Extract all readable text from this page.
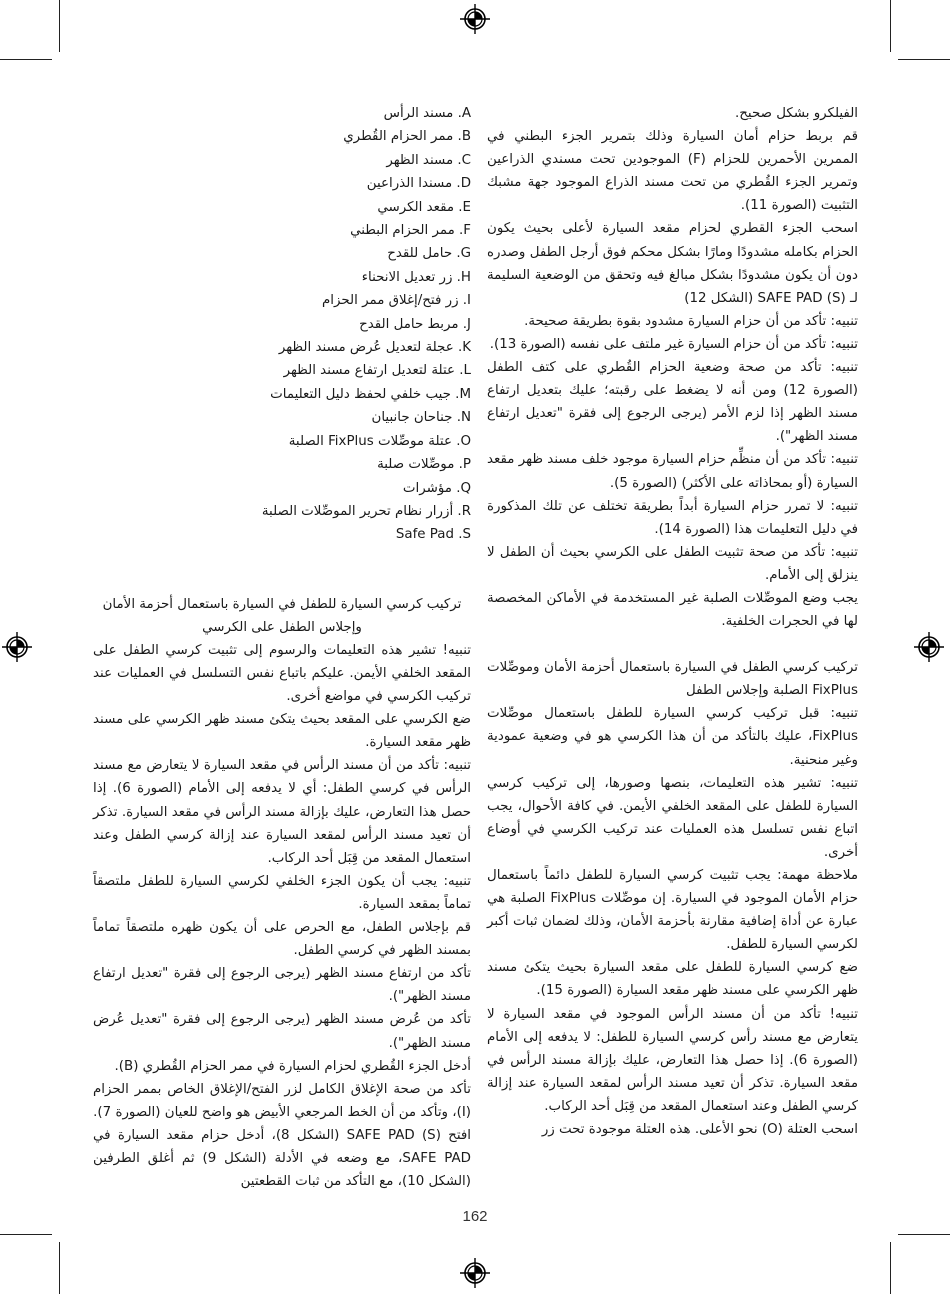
الفيلكرو بشكل صحيح.

قم بربط حزام أمان السيارة وذلك بتمرير الجزء البطني في الممرين الأحمرين للحزام (F) الموجودين تحت مسندي الذراعين وتمرير الجزء القُطري من تحت مسند الذراع الموجود جهة مشبك التثبيت (الصورة 11).

اسحب الجزء القطري لحزام مقعد السيارة لأعلى بحيث يكون الحزام بكامله مشدودًا ومارًا بشكل محكم فوق أرجل الطفل وصدره دون أن يكون مشدودًا بشكل مبالغ فيه وتحقق من الوضعية السليمة لـ (SAFE PAD (S (الشكل 12)

تنبيه: تأكد من أن حزام السيارة مشدود بقوة بطريقة صحيحة.

تنبيه: تأكد من أن حزام السيارة غير ملتف على نفسه (الصورة 13).

تنبيه: تأكد من صحة وضعية الحزام القُطري على كتف الطفل (الصورة 12) ومن أنه لا يضغط على رقبته؛ عليك بتعديل ارتفاع مسند الظهر إذا لزم الأمر (يرجى الرجوع إلى فقرة "تعديل ارتفاع مسند الظهر").

تنبيه: تأكد من أن منظِّم حزام السيارة موجود خلف مسند ظهر مقعد السيارة (أو بمحاذاته على الأكثر) (الصورة 5).

تنبيه: لا تمرر حزام السيارة أبداً بطريقة تختلف عن تلك المذكورة في دليل التعليمات هذا (الصورة 14).

تنبيه: تأكد من صحة تثبيت الطفل على الكرسي بحيث أن الطفل لا ينزلق إلى الأمام.

يجب وضع الموصِّلات الصلبة غير المستخدمة في الأماكن المخصصة لها في الحجرات الخلفية.

تركيب كرسي الطفل في السيارة باستعمال أحزمة الأمان وموصِّلات FixPlus الصلبة وإجلاس الطفل

تنبيه: قبل تركيب كرسي السيارة للطفل باستعمال موصِّلات FixPlus، عليك بالتأكد من أن هذا الكرسي هو في وضعية عمودية وغير منحنية.

تنبيه: تشير هذه التعليمات، بنصها وصورها، إلى تركيب كرسي السيارة للطفل على المقعد الخلفي الأيمن. في كافة الأحوال، يجب اتباع نفس تسلسل هذه العمليات عند تركيب الكرسي في أوضاع أخرى.

ملاحظة مهمة: يجب تثبيت كرسي السيارة للطفل دائماً باستعمال حزام الأمان الموجود في السيارة. إن موصِّلات FixPlus الصلبة هي عبارة عن أداة إضافية مقارنة بأحزمة الأمان، وذلك لضمان ثبات أكبر لكرسي السيارة للطفل.

ضع كرسي السيارة للطفل على مقعد السيارة بحيث يتكئ مسند ظهر الكرسي على مسند ظهر مقعد السيارة (الصورة 15).

تنبيه! تأكد من أن مسند الرأس الموجود في مقعد السيارة لا يتعارض مع مسند رأس كرسي السيارة للطفل: لا يدفعه إلى الأمام (الصورة 6). إذا حصل هذا التعارض، عليك بإزالة مسند الرأس في مقعد السيارة. تذكر أن تعيد مسند الرأس لمقعد السيارة عند إزالة كرسي الطفل وعند استعمال المقعد من قِبَل أحد الركاب.

اسحب العتلة (O) نحو الأعلى. هذه العتلة موجودة تحت زر

A. مسند الرأس

B. ممر الحزام القُطري

C. مسند الظهر

D. مسندا الذراعين

E. مقعد الكرسي

F. ممر الحزام البطني

G. حامل للقدح

H. زر تعديل الانحناء

I. زر فتح/إغلاق ممر الحزام

J. مربط حامل القدح

K. عجلة لتعديل عُرض مسند الظهر

L. عتلة لتعديل ارتفاع مسند الظهر

M. جيب خلفي لحفظ دليل التعليمات

N. جناحان جانبيان

O. عتلة موصِّلات FixPlus الصلبة

P. موصِّلات صلبة

Q. مؤشرات

R. أزرار نظام تحرير الموصِّلات الصلبة

Safe Pad .S

تركيب كرسي السيارة للطفل في السيارة باستعمال أحزمة الأمان وإجلاس الطفل على الكرسي

تنبيه! تشير هذه التعليمات والرسوم إلى تثبيت كرسي الطفل على المقعد الخلفي الأيمن. عليكم باتباع نفس التسلسل في العمليات عند تركيب الكرسي في مواضع أخرى.

ضع الكرسي على المقعد بحيث يتكئ مسند ظهر الكرسي على مسند ظهر مقعد السيارة.

تنبيه: تأكد من أن مسند الرأس في مقعد السيارة لا يتعارض مع مسند الرأس في كرسي الطفل: أي لا يدفعه إلى الأمام (الصورة 6). إذا حصل هذا التعارض، عليك بإزالة مسند الرأس في مقعد السيارة. تذكر أن تعيد مسند الرأس لمقعد السيارة عند إزالة كرسي الطفل وعند استعمال المقعد من قِبَل أحد الركاب.

تنبيه: يجب أن يكون الجزء الخلفي لكرسي السيارة للطفل ملتصقاً تماماً بمقعد السيارة.

قم بإجلاس الطفل، مع الحرص على أن يكون ظهره ملتصقاً تماماً بمسند الظهر في كرسي الطفل.

تأكد من ارتفاع مسند الظهر (يرجى الرجوع إلى فقرة "تعديل ارتفاع مسند الظهر").

تأكد من عُرض مسند الظهر (يرجى الرجوع إلى فقرة "تعديل عُرض مسند الظهر").

أدخل الجزء القُطري لحزام السيارة في ممر الحزام القُطري (B).

تأكد من صحة الإغلاق الكامل لزر الفتح/الإغلاق الخاص بممر الحزام (I)، وتأكد من أن الخط المرجعي الأبيض هو واضح للعيان (الصورة 7).

افتح (SAFE PAD (S (الشكل 8)، أدخل حزام مقعد السيارة في SAFE PAD، مع وضعه في الأدلة (الشكل 9) ثم أغلق الطرفين (الشكل 10)، مع التأكد من ثبات القطعتين

162
